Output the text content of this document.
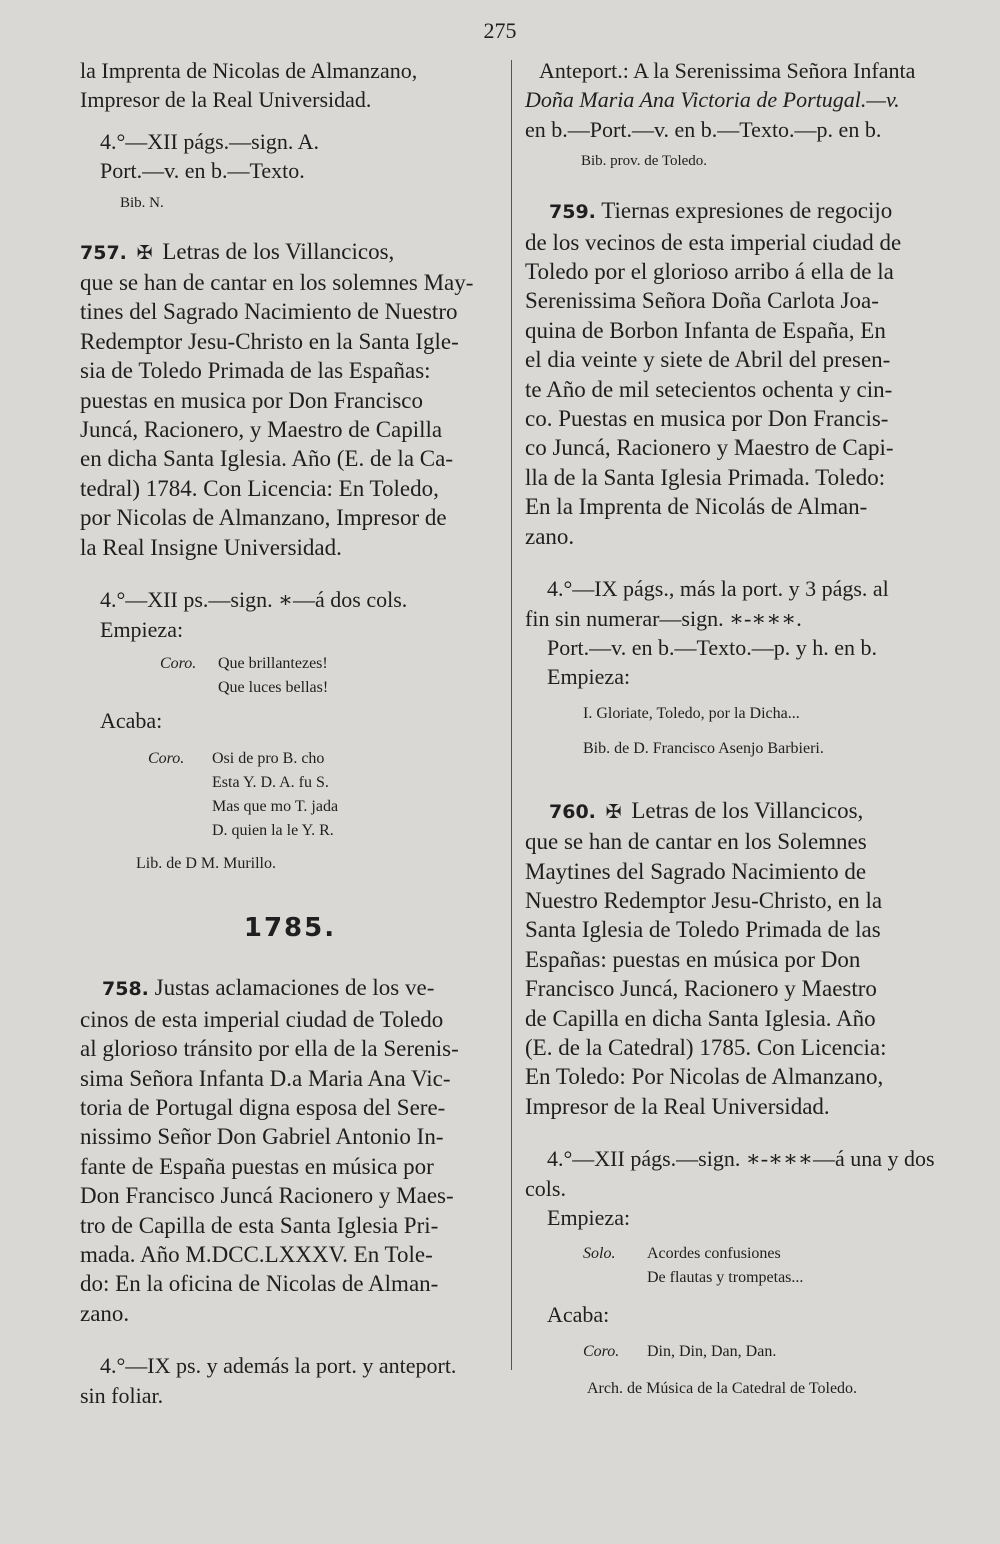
275

la Imprenta de Nicolas de Almanzano,

Impresor de la Real Universidad.

4.°—XII págs.—sign. A.

Port.—v. en b.—Texto.

Bib. N.

757. ✠ Letras de los Villancicos,
que se han de cantar en los solemnes May-
tines del Sagrado Nacimiento de Nuestro
Redemptor Jesu-Christo en la Santa Igle-
sia de Toledo Primada de las Españas:
puestas en musica por Don Francisco
Juncá, Racionero, y Maestro de Capilla
en dicha Santa Iglesia. Año (E. de la Ca-
tedral) 1784. Con Licencia: En Toledo,
por Nicolas de Almanzano, Impresor de
la Real Insigne Universidad.

4.°—XII ps.—sign. ∗—á dos cols.

Empieza:

Coro. Que brillantezes!
Que luces bellas!

Acaba:

Coro. Osi de pro B. cho
Esta Y. D. A. fu S.
Mas que mo T. jada
D. quien la le Y. R.

Lib. de D M. Murillo.

1785.

758. Justas aclamaciones de los ve-
cinos de esta imperial ciudad de Toledo
al glorioso tránsito por ella de la Serenis-
sima Señora Infanta D.a Maria Ana Vic-
toria de Portugal digna esposa del Sere-
nissimo Señor Don Gabriel Antonio In-
fante de España puestas en música por
Don Francisco Juncá Racionero y Maes-
tro de Capilla de esta Santa Iglesia Pri-
mada. Año M.DCC.LXXXV. En Tole-
do: En la oficina de Nicolas de Alman-
zano.

4.°—IX ps. y además la port. y anteport.

sin foliar.

Anteport.: A la Serenissima Señora Infanta

Doña Maria Ana Victoria de Portugal.—v.

en b.—Port.—v. en b.—Texto.—p. en b.

Bib. prov. de Toledo.

759. Tiernas expresiones de regocijo
de los vecinos de esta imperial ciudad de
Toledo por el glorioso arribo á ella de la
Serenissima Señora Doña Carlota Joa-
quina de Borbon Infanta de España, En
el dia veinte y siete de Abril del presen-
te Año de mil setecientos ochenta y cin-
co. Puestas en musica por Don Francis-
co Juncá, Racionero y Maestro de Capi-
lla de la Santa Iglesia Primada. Toledo:
En la Imprenta de Nicolás de Alman-
zano.

4.°—IX págs., más la port. y 3 págs. al

fin sin numerar—sign. ∗-∗∗∗.

Port.—v. en b.—Texto.—p. y h. en b.

Empieza:

I. Gloriate, Toledo, por la Dicha...

Bib. de D. Francisco Asenjo Barbieri.

760. ✠ Letras de los Villancicos,
que se han de cantar en los Solemnes
Maytines del Sagrado Nacimiento de
Nuestro Redemptor Jesu-Christo, en la
Santa Iglesia de Toledo Primada de las
Españas: puestas en música por Don
Francisco Juncá, Racionero y Maestro
de Capilla en dicha Santa Iglesia. Año
(E. de la Catedral) 1785. Con Licencia:
En Toledo: Por Nicolas de Almanzano,
Impresor de la Real Universidad.

4.°—XII págs.—sign. ∗-∗∗∗—á una y dos

cols.

Empieza:

Solo. Acordes confusiones
De flautas y trompetas...

Acaba:

Coro. Din, Din, Dan, Dan.

Arch. de Música de la Catedral de Toledo.
